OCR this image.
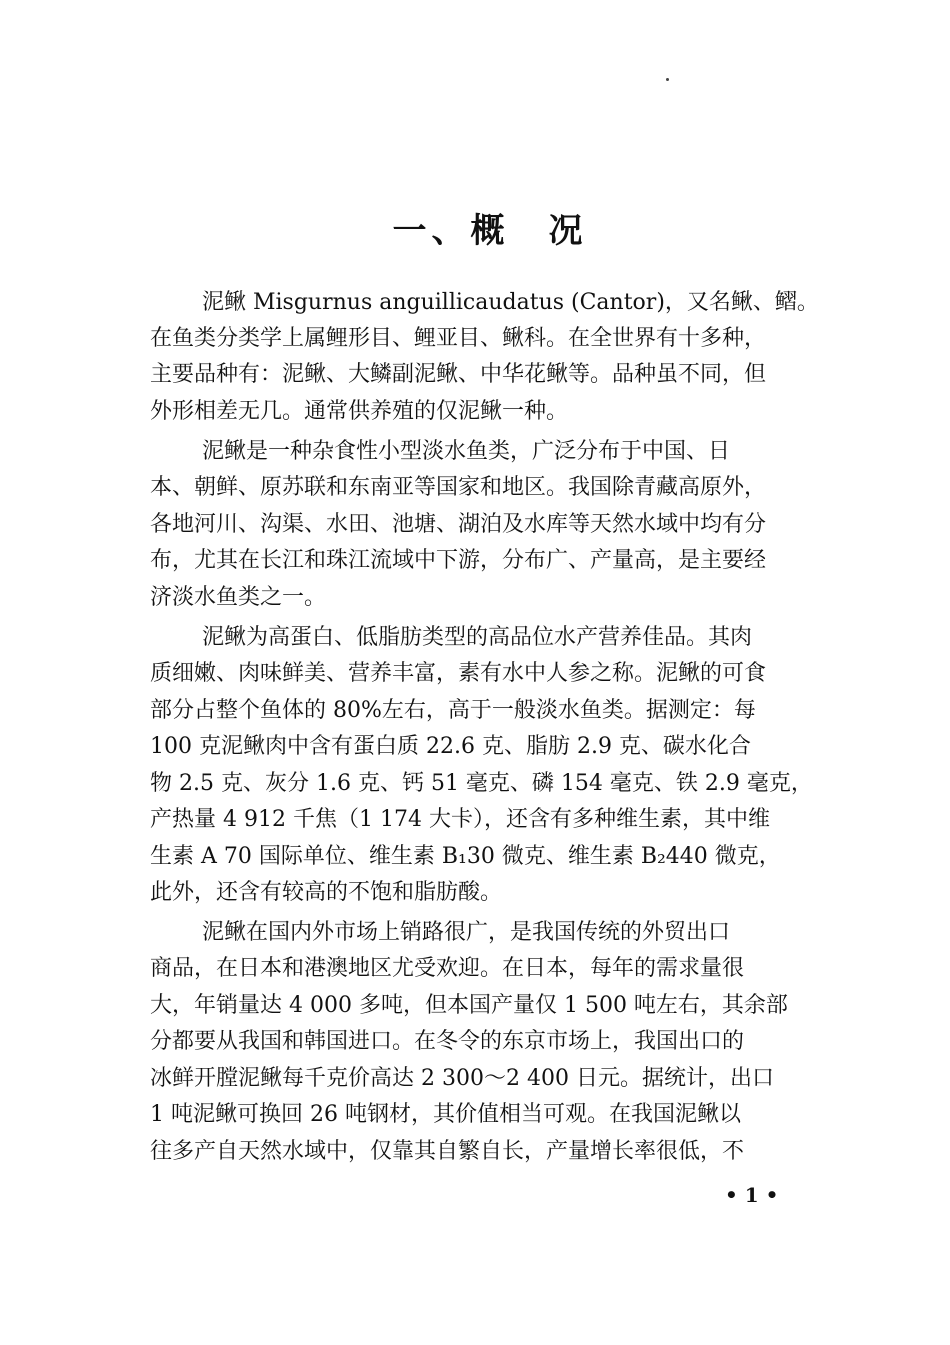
一、概　况
泥鳅 Misgurnus anguillicaudatus (Cantor)，又名鳅、鳛。
在鱼类分类学上属鲤形目、鲤亚目、鳅科。在全世界有十多种，
主要品种有：泥鳅、大鳞副泥鳅、中华花鳅等。品种虽不同，但
外形相差无几。通常供养殖的仅泥鳅一种。
泥鳅是一种杂食性小型淡水鱼类，广泛分布于中国、日
本、朝鲜、原苏联和东南亚等国家和地区。我国除青藏高原外，
各地河川、沟渠、水田、池塘、湖泊及水库等天然水域中均有分
布，尤其在长江和珠江流域中下游，分布广、产量高，是主要经
济淡水鱼类之一。
泥鳅为高蛋白、低脂肪类型的高品位水产营养佳品。其肉
质细嫩、肉味鲜美、营养丰富，素有水中人参之称。泥鳅的可食
部分占整个鱼体的 80%左右，高于一般淡水鱼类。据测定：每
100 克泥鳅肉中含有蛋白质 22.6 克、脂肪 2.9 克、碳水化合
物 2.5 克、灰分 1.6 克、钙 51 毫克、磷 154 毫克、铁 2.9 毫克，
产热量 4 912 千焦（1 174 大卡），还含有多种维生素，其中维
生素 A 70 国际单位、维生素 B₁30 微克、维生素 B₂440 微克，
此外，还含有较高的不饱和脂肪酸。
泥鳅在国内外市场上销路很广，是我国传统的外贸出口
商品，在日本和港澳地区尤受欢迎。在日本，每年的需求量很
大，年销量达 4 000 多吨，但本国产量仅 1 500 吨左右，其余部
分都要从我国和韩国进口。在冬令的东京市场上，我国出口的
冰鲜开膛泥鳅每千克价高达 2 300～2 400 日元。据统计，出口
1 吨泥鳅可换回 26 吨钢材，其价值相当可观。在我国泥鳅以
往多产自天然水域中，仅靠其自繁自长，产量增长率很低，不
• 1 •
